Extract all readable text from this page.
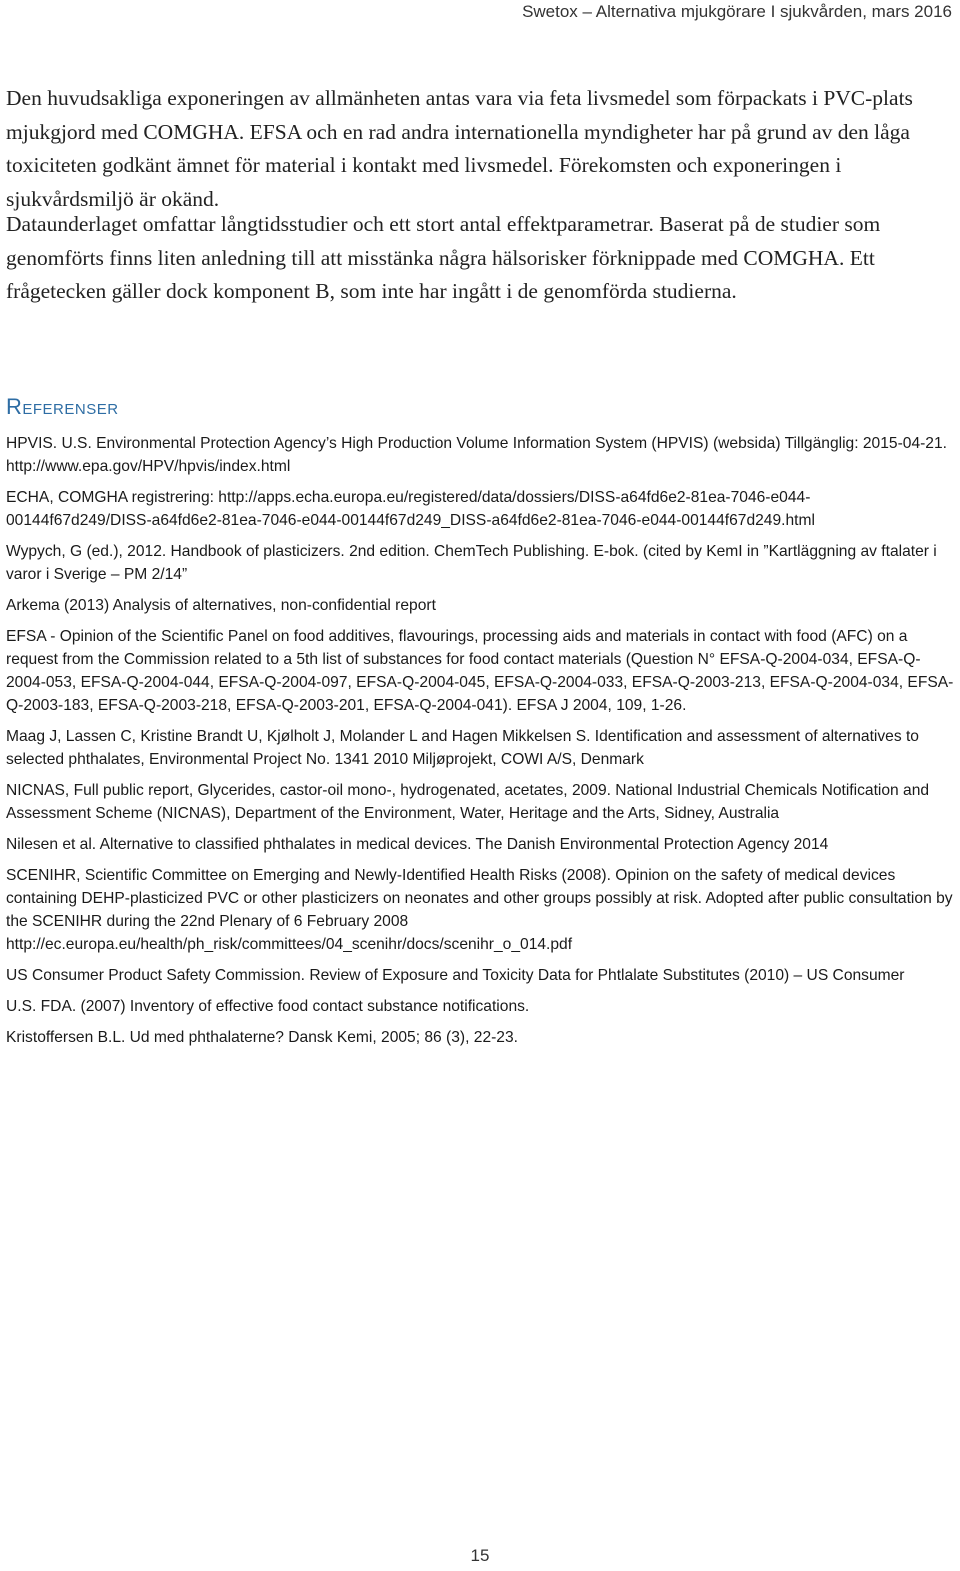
Swetox – Alternativa mjukgörare I sjukvården, mars 2016

Den huvudsakliga exponeringen av allmänheten antas vara via feta livsmedel som förpackats i PVC-plats mjukgjord med COMGHA. EFSA och en rad andra internationella myndigheter har på grund av den låga toxiciteten godkänt ämnet för material i kontakt med livsmedel. Förekomsten och exponeringen i sjukvårdsmiljö är okänd.

Dataunderlaget omfattar långtidsstudier och ett stort antal effektparametrar. Baserat på de studier som genomförts finns liten anledning till att misstänka några hälsorisker förknippade med COMGHA. Ett frågetecken gäller dock komponent B, som inte har ingått i de genomförda studierna.

Referenser
HPVIS. U.S. Environmental Protection Agency’s High Production Volume Information System (HPVIS) (websida) Tillgänglig: 2015-04-21. http://www.epa.gov/HPV/hpvis/index.html
ECHA, COMGHA registrering: http://apps.echa.europa.eu/registered/data/dossiers/DISS-a64fd6e2-81ea-7046-e044-00144f67d249/DISS-a64fd6e2-81ea-7046-e044-00144f67d249_DISS-a64fd6e2-81ea-7046-e044-00144f67d249.html
Wypych, G (ed.), 2012. Handbook of plasticizers. 2nd edition. ChemTech Publishing. E-bok. (cited by KemI in ”Kartläggning av ftalater i varor i Sverige – PM 2/14”
Arkema (2013) Analysis of alternatives, non-confidential report
EFSA - Opinion of the Scientific Panel on food additives, flavourings, processing aids and materials in contact with food (AFC) on a request from the Commission related to a 5th list of substances for food contact materials (Question N° EFSA-Q-2004-034, EFSA-Q-2004-053, EFSA-Q-2004-044, EFSA-Q-2004-097, EFSA-Q-2004-045, EFSA-Q-2004-033, EFSA-Q-2003-213, EFSA-Q-2004-034, EFSA-Q-2003-183, EFSA-Q-2003-218, EFSA-Q-2003-201, EFSA-Q-2004-041). EFSA J 2004, 109, 1-26.
Maag J, Lassen C, Kristine Brandt U, Kjølholt J, Molander L and Hagen Mikkelsen S. Identification and assessment of alternatives to selected phthalates, Environmental Project No. 1341 2010 Miljøprojekt, COWI A/S, Denmark
NICNAS, Full public report, Glycerides, castor-oil mono-, hydrogenated, acetates, 2009. National Industrial Chemicals Notification and Assessment Scheme (NICNAS), Department of the Environment, Water, Heritage and the Arts, Sidney, Australia
Nilesen et al. Alternative to classified phthalates in medical devices. The Danish Environmental Protection Agency 2014
SCENIHR, Scientific Committee on Emerging and Newly-Identified Health Risks (2008). Opinion on the safety of medical devices containing DEHP-plasticized PVC or other plasticizers on neonates and other groups possibly at risk. Adopted after public consultation by the SCENIHR during the 22nd Plenary of 6 February 2008 http://ec.europa.eu/health/ph_risk/committees/04_scenihr/docs/scenihr_o_014.pdf
US Consumer Product Safety Commission. Review of Exposure and Toxicity Data for Phtlalate Substitutes (2010) – US Consumer
U.S. FDA. (2007) Inventory of effective food contact substance notifications.
Kristoffersen B.L. Ud med phthalaterne? Dansk Kemi, 2005; 86 (3), 22-23.
15
